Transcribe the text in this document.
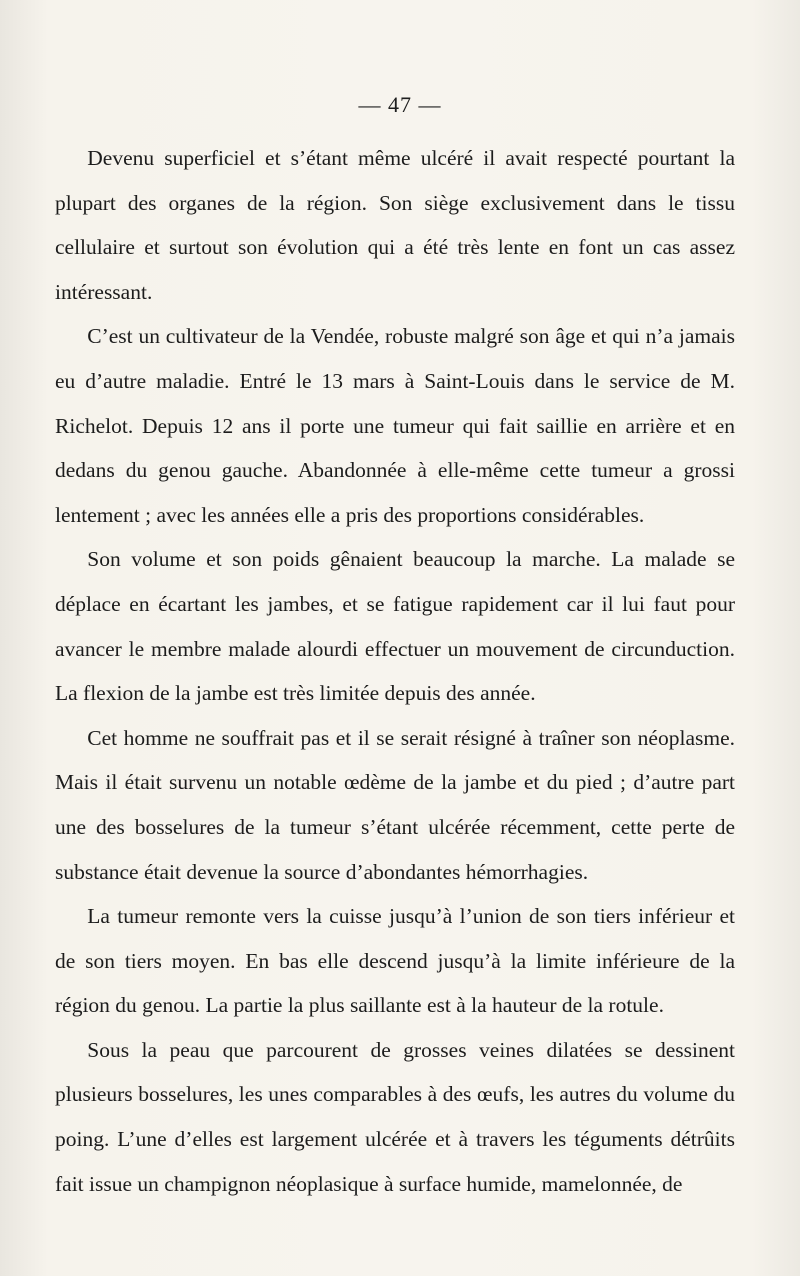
— 47 —

Devenu superficiel et s’étant même ulcéré il avait respecté pourtant la plupart des organes de la région. Son siège exclusivement dans le tissu cellulaire et surtout son évolution qui a été très lente en font un cas assez intéressant.

C’est un cultivateur de la Vendée, robuste malgré son âge et qui n’a jamais eu d’autre maladie. Entré le 13 mars à Saint-Louis dans le service de M. Richelot. Depuis 12 ans il porte une tumeur qui fait saillie en arrière et en dedans du genou gauche. Abandonnée à elle-même cette tumeur a grossi lentement ; avec les années elle a pris des proportions considérables.

Son volume et son poids gênaient beaucoup la marche. La malade se déplace en écartant les jambes, et se fatigue rapidement car il lui faut pour avancer le membre malade alourdi effectuer un mouvement de circunduction. La flexion de la jambe est très limitée depuis des année.

Cet homme ne souffrait pas et il se serait résigné à traîner son néoplasme. Mais il était survenu un notable œdème de la jambe et du pied ; d’autre part une des bosselures de la tumeur s’étant ulcérée récemment, cette perte de substance était devenue la source d’abondantes hémorrhagies.

La tumeur remonte vers la cuisse jusqu’à l’union de son tiers inférieur et de son tiers moyen. En bas elle descend jusqu’à la limite inférieure de la région du genou. La partie la plus saillante est à la hauteur de la rotule.

Sous la peau que parcourent de grosses veines dilatées se dessinent plusieurs bosselures, les unes comparables à des œufs, les autres du volume du poing. L’une d’elles est largement ulcérée et à travers les téguments détrûits fait issue un champignon néoplasique à surface humide, mamelonnée, de
